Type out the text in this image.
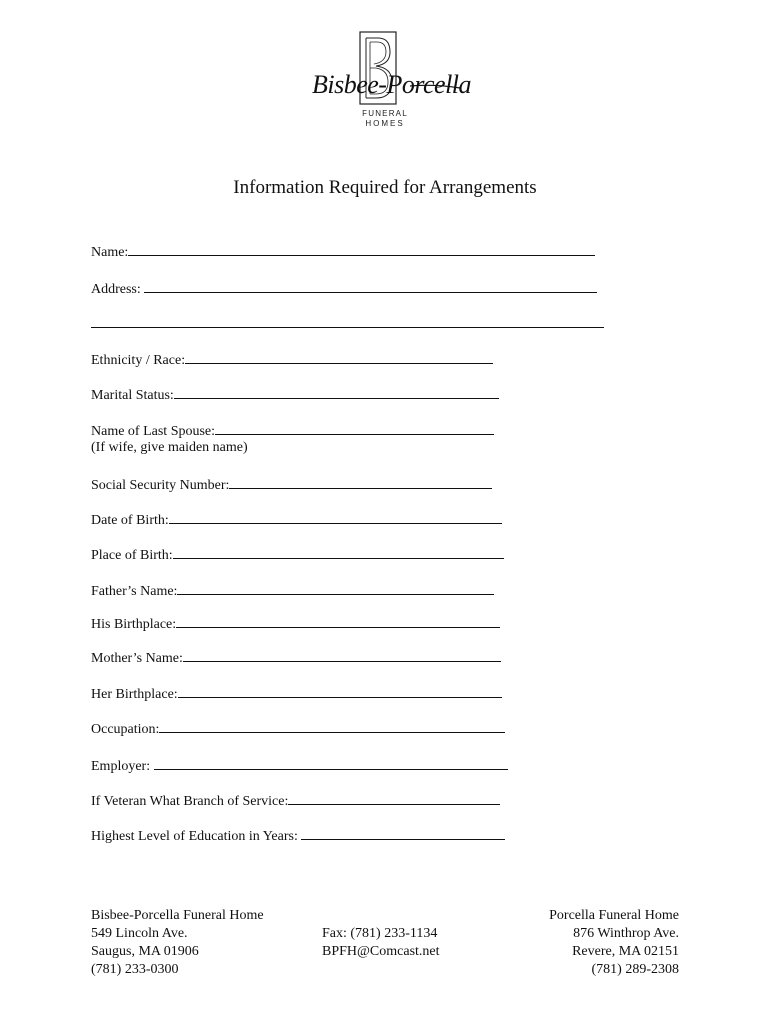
Bisbee-Porcella
FUNERAL
HOMES
Information Required for Arrangements
Name:
Address:
Ethnicity / Race:
Marital Status:
Name of Last Spouse:
(If wife, give maiden name)
Social Security Number:
Date of Birth:
Place of Birth:
Father’s Name:
His Birthplace:
Mother’s Name:
Her Birthplace:
Occupation:
Employer:
If Veteran What Branch of Service:
Highest Level of Education in Years:
Bisbee-Porcella Funeral Home
549 Lincoln Ave.
Saugus, MA 01906
(781) 233-0300
Fax: (781) 233-1134
BPFH@Comcast.net
Porcella Funeral Home
876 Winthrop Ave.
Revere, MA 02151
(781) 289-2308
